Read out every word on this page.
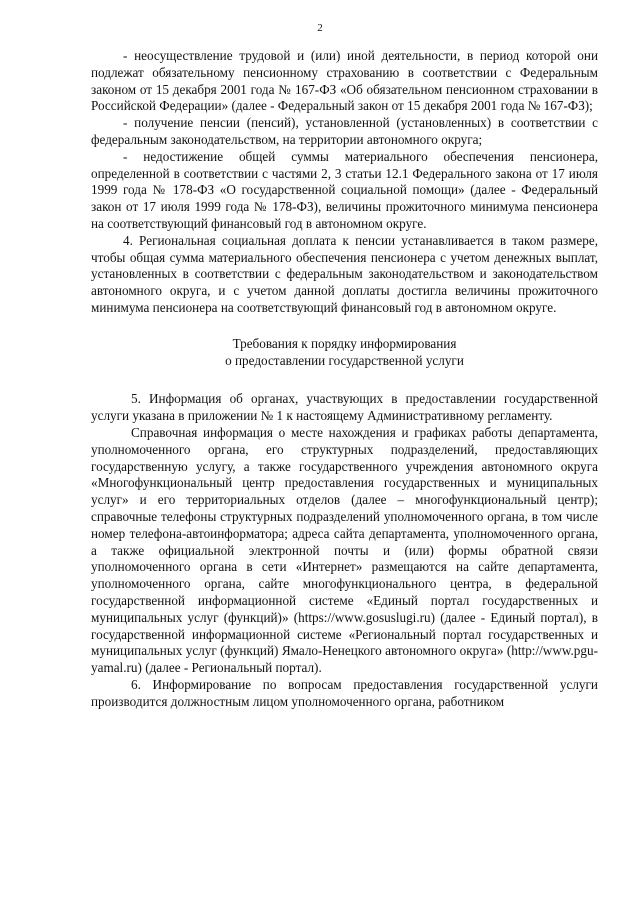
2

- неосуществление трудовой и (или) иной деятельности, в период которой они подлежат обязательному пенсионному страхованию в соответствии с Федеральным законом от 15 декабря 2001 года № 167-ФЗ «Об обязательном пенсионном страховании в Российской Федерации» (далее - Федеральный закон от 15 декабря 2001 года № 167-ФЗ);

- получение пенсии (пенсий), установленной (установленных) в соответствии с федеральным законодательством, на территории автономного округа;

- недостижение общей суммы материального обеспечения пенсионера, определенной в соответствии с частями 2, 3 статьи 12.1 Федерального закона от 17 июля 1999 года № 178-ФЗ «О государственной социальной помощи» (далее - Федеральный закон от 17 июля 1999 года № 178-ФЗ), величины прожиточного минимума пенсионера на соответствующий финансовый год в автономном округе.

4. Региональная социальная доплата к пенсии устанавливается в таком размере, чтобы общая сумма материального обеспечения пенсионера с учетом денежных выплат, установленных в соответствии с федеральным законодательством и законодательством автономного округа, и с учетом данной доплаты достигла величины прожиточного минимума пенсионера на соответствующий финансовый год в автономном округе.

Требования к порядку информирования
о предоставлении государственной услуги

5. Информация об органах, участвующих в предоставлении государственной услуги указана в приложении № 1 к настоящему Административному регламенту.

Справочная информация о месте нахождения и графиках работы департамента, уполномоченного органа, его структурных подразделений, предоставляющих государственную услугу, а также государственного учреждения автономного округа «Многофункциональный центр предоставления государственных и муниципальных услуг» и его территориальных отделов (далее – многофункциональный центр); справочные телефоны структурных подразделений уполномоченного органа, в том числе номер телефона-автоинформатора; адреса сайта департамента, уполномоченного органа, а также официальной электронной почты и (или) формы обратной связи уполномоченного органа в сети «Интернет» размещаются на сайте департамента, уполномоченного органа, сайте многофункционального центра, в федеральной государственной информационной системе «Единый портал государственных и муниципальных услуг (функций)» (https://www.gosuslugi.ru) (далее - Единый портал), в государственной информационной системе «Региональный портал государственных и муниципальных услуг (функций) Ямало-Ненецкого автономного округа» (http://www.pgu-yamal.ru) (далее - Региональный портал).

6. Информирование по вопросам предоставления государственной услуги производится должностным лицом уполномоченного органа, работником
